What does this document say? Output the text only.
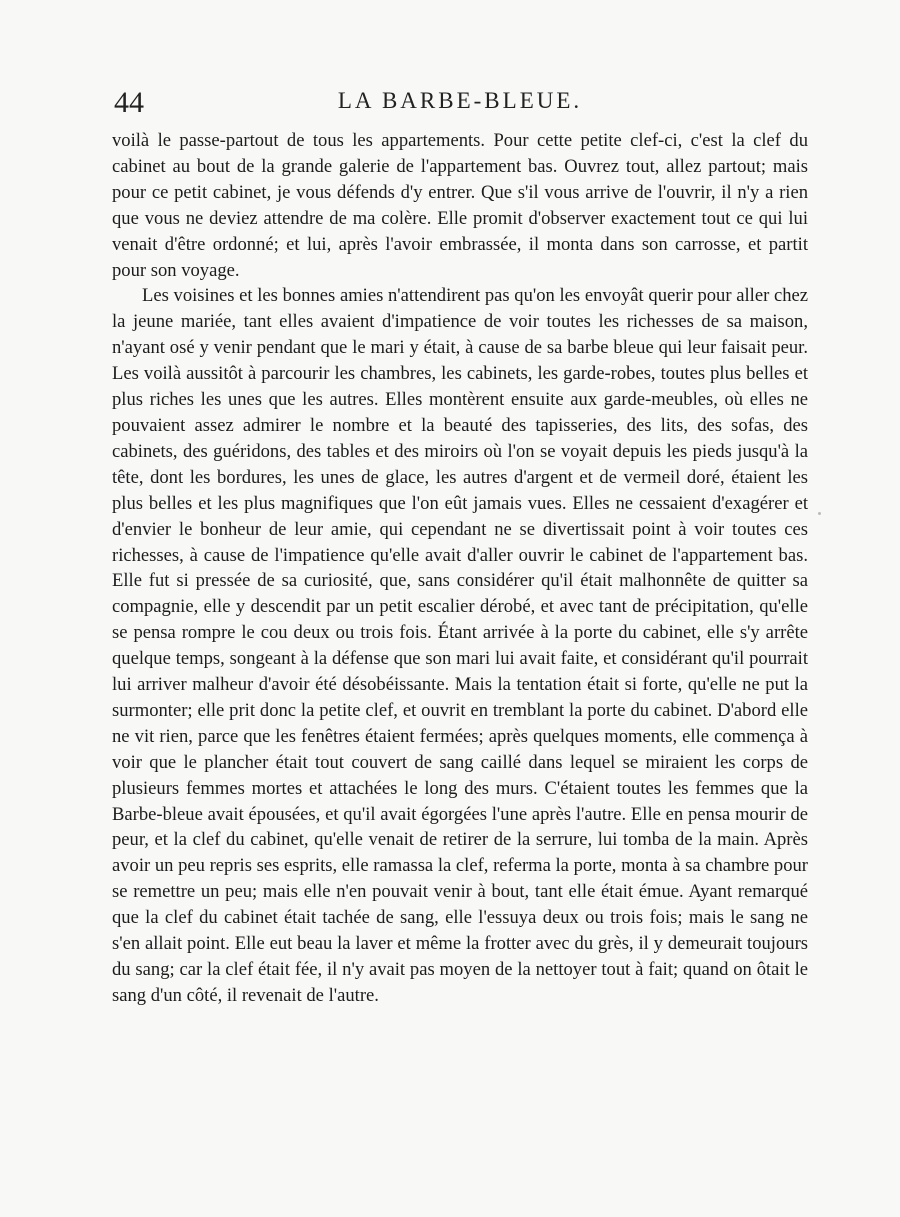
44	LA BARBE-BLEUE.

voilà le passe-partout de tous les appartements. Pour cette petite clef-ci, c'est la clef du cabinet au bout de la grande galerie de l'appartement bas. Ouvrez tout, allez partout; mais pour ce petit cabinet, je vous défends d'y entrer. Que s'il vous arrive de l'ouvrir, il n'y a rien que vous ne deviez attendre de ma colère. Elle promit d'observer exactement tout ce qui lui venait d'être ordonné; et lui, après l'avoir embrassée, il monta dans son carrosse, et partit pour son voyage.

Les voisines et les bonnes amies n'attendirent pas qu'on les envoyât querir pour aller chez la jeune mariée, tant elles avaient d'impatience de voir toutes les richesses de sa maison, n'ayant osé y venir pendant que le mari y était, à cause de sa barbe bleue qui leur faisait peur. Les voilà aussitôt à parcourir les chambres, les cabinets, les garde-robes, toutes plus belles et plus riches les unes que les autres. Elles montèrent ensuite aux garde-meubles, où elles ne pouvaient assez admirer le nombre et la beauté des tapisseries, des lits, des sofas, des cabinets, des guéridons, des tables et des miroirs où l'on se voyait depuis les pieds jusqu'à la tête, dont les bordures, les unes de glace, les autres d'argent et de vermeil doré, étaient les plus belles et les plus magnifiques que l'on eût jamais vues. Elles ne cessaient d'exagérer et d'envier le bonheur de leur amie, qui cependant ne se divertissait point à voir toutes ces richesses, à cause de l'impatience qu'elle avait d'aller ouvrir le cabinet de l'appartement bas. Elle fut si pressée de sa curiosité, que, sans considérer qu'il était malhonnête de quitter sa compagnie, elle y descendit par un petit escalier dérobé, et avec tant de précipitation, qu'elle se pensa rompre le cou deux ou trois fois. Étant arrivée à la porte du cabinet, elle s'y arrête quelque temps, songeant à la défense que son mari lui avait faite, et considérant qu'il pourrait lui arriver malheur d'avoir été désobéissante. Mais la tentation était si forte, qu'elle ne put la surmonter; elle prit donc la petite clef, et ouvrit en tremblant la porte du cabinet. D'abord elle ne vit rien, parce que les fenêtres étaient fermées; après quelques moments, elle commença à voir que le plancher était tout couvert de sang caillé dans lequel se miraient les corps de plusieurs femmes mortes et attachées le long des murs. C'étaient toutes les femmes que la Barbe-bleue avait épousées, et qu'il avait égorgées l'une après l'autre. Elle en pensa mourir de peur, et la clef du cabinet, qu'elle venait de retirer de la serrure, lui tomba de la main. Après avoir un peu repris ses esprits, elle ramassa la clef, referma la porte, monta à sa chambre pour se remettre un peu; mais elle n'en pouvait venir à bout, tant elle était émue. Ayant remarqué que la clef du cabinet était tachée de sang, elle l'essuya deux ou trois fois; mais le sang ne s'en allait point. Elle eut beau la laver et même la frotter avec du grès, il y demeurait toujours du sang; car la clef était fée, il n'y avait pas moyen de la nettoyer tout à fait; quand on ôtait le sang d'un côté, il revenait de l'autre.
